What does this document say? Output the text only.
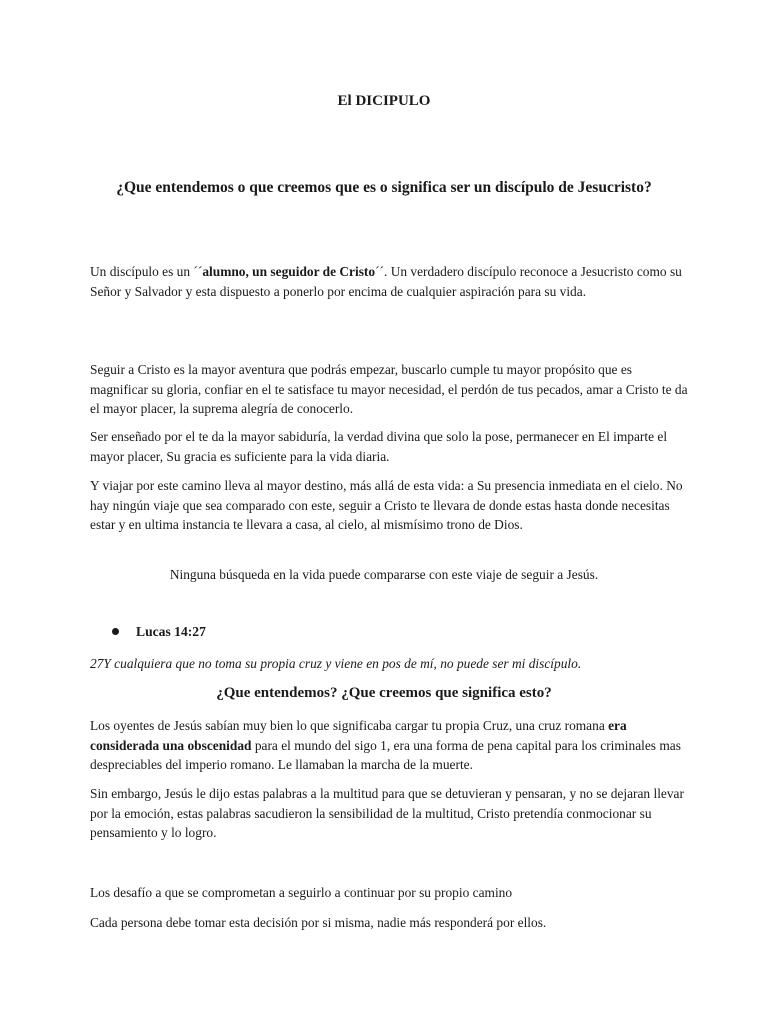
El DICIPULO
¿Que entendemos o que creemos que es o significa ser un discípulo de Jesucristo?

Un discípulo es un ´´alumno, un seguidor de Cristo´´. Un verdadero discípulo reconoce a Jesucristo como su Señor y Salvador y esta dispuesto a ponerlo por encima de cualquier aspiración para su vida.

Seguir a Cristo es la mayor aventura que podrás empezar, buscarlo cumple tu mayor propósito que es magnificar su gloria, confiar en el te satisface tu mayor necesidad, el perdón de tus pecados, amar a Cristo te da el mayor placer, la suprema alegría de conocerlo.

Ser enseñado por el te da la mayor sabiduría, la verdad divina que solo la pose, permanecer en El imparte el mayor placer, Su gracia es suficiente para la vida diaria.

Y viajar por este camino lleva al mayor destino, más allá de esta vida: a Su presencia inmediata en el cielo. No hay ningún viaje que sea comparado con este, seguir a Cristo te llevara de donde estas hasta donde necesitas estar y en ultima instancia te llevara a casa, al cielo, al mismísimo trono de Dios.

Ninguna búsqueda en la vida puede compararse con este viaje de seguir a Jesús.

Lucas 14:27

27Y cualquiera que no toma su propia cruz y viene en pos de mí, no puede ser mi discípulo.

¿Que entendemos? ¿Que creemos que significa esto?

Los oyentes de Jesús sabían muy bien lo que significaba cargar tu propia Cruz, una cruz romana era considerada una obscenidad para el mundo del sigo 1, era una forma de pena capital para los criminales mas despreciables del imperio romano. Le llamaban la marcha de la muerte.

Sin embargo, Jesús le dijo estas palabras a la multitud para que se detuvieran y pensaran, y no se dejaran llevar por la emoción, estas palabras sacudieron la sensibilidad de la multitud, Cristo pretendía conmocionar su pensamiento y lo logro.

Los desafío a que se comprometan a seguirlo a continuar por su propio camino

Cada persona debe tomar esta decisión por si misma, nadie más responderá por ellos.
